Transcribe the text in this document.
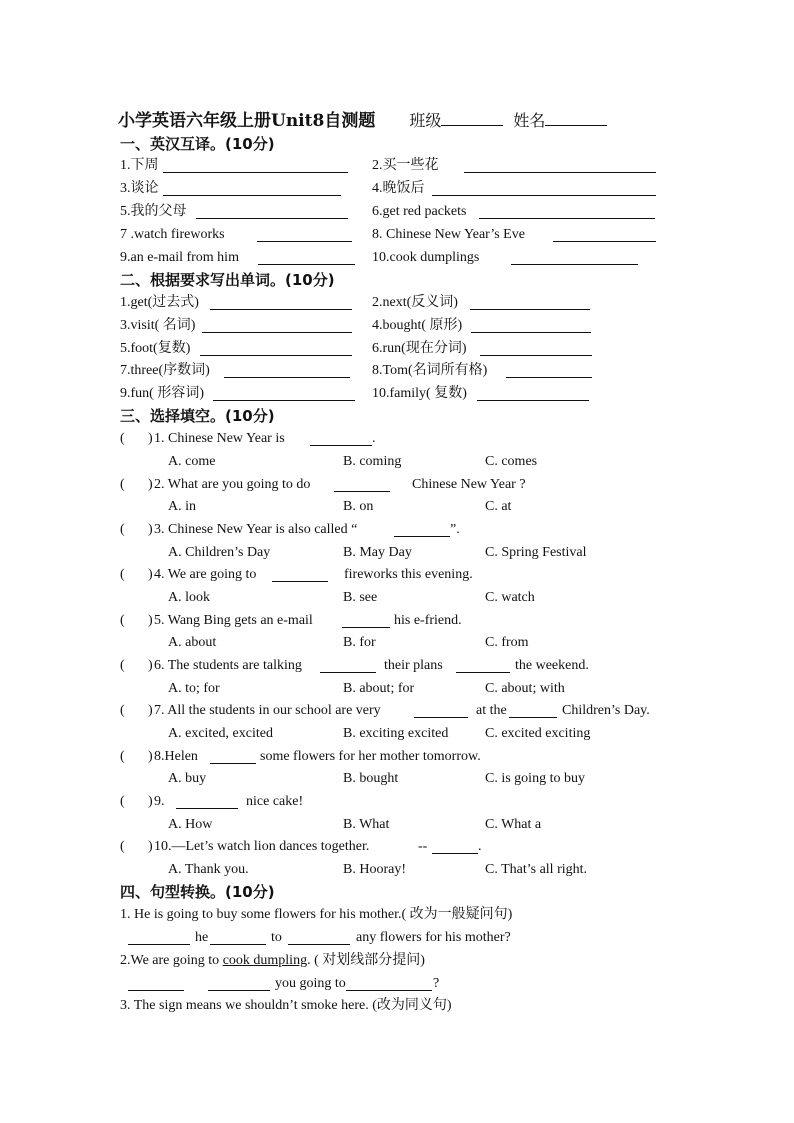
小学英语六年级上册Unit8自测题 班级	姓名
一、英汉互译。(10分)
1.下周	2.买一些花
3.谈论	4.晚饭后
5.我的父母	6.get red packets
7 .watch fireworks	8. Chinese New Year’s Eve
9.an e-mail from him	10.cook dumplings
二、根据要求写出单词。(10分)
1.get(过去式)	2.next(反义词)
3.visit( 名词)	4.bought( 原形)
5.foot(复数)	6.run(现在分词)
7.three(序数词)	8.Tom(名词所有格)
9.fun( 形容词)	10.family( 复数)
三、选择填空。(10分)
( ) 1. Chinese New Year is	.
A. come	B. coming	C. comes
( ) 2. What are you going to do	Chinese New Year ?
A. in	B. on	C. at
( ) 3. Chinese New Year is also called “	”.
A. Children’s Day	B. May Day	C. Spring Festival
( ) 4. We are going to	fireworks this evening.
A. look	B. see	C. watch
( ) 5. Wang Bing gets an e-mail	his e-friend.
A. about	B. for	C. from
( ) 6. The students are talking	their plans	the weekend.
A. to; for	B. about; for	C. about; with
( ) 7. All the students in our school are very	at the	Children’s Day.
A. excited, excited	B. exciting excited	C. excited exciting
( ) 8.Helen	some flowers for her mother tomorrow.
A. buy	B. bought	C. is going to buy
( ) 9.	nice cake!
A. How	B. What	C. What a
( ) 10.—Let’s watch lion dances together.	--	.
A. Thank you.	B. Hooray!	C. That’s all right.
四、句型转换。(10分)
1. He is going to buy some flowers for his mother.( 改为一般疑问句)
he	to	any flowers for his mother?
2.We are going to cook dumpling. ( 对划线部分提问)
you going to	?
3. The sign means we shouldn’t smoke here. (改为同义句)
